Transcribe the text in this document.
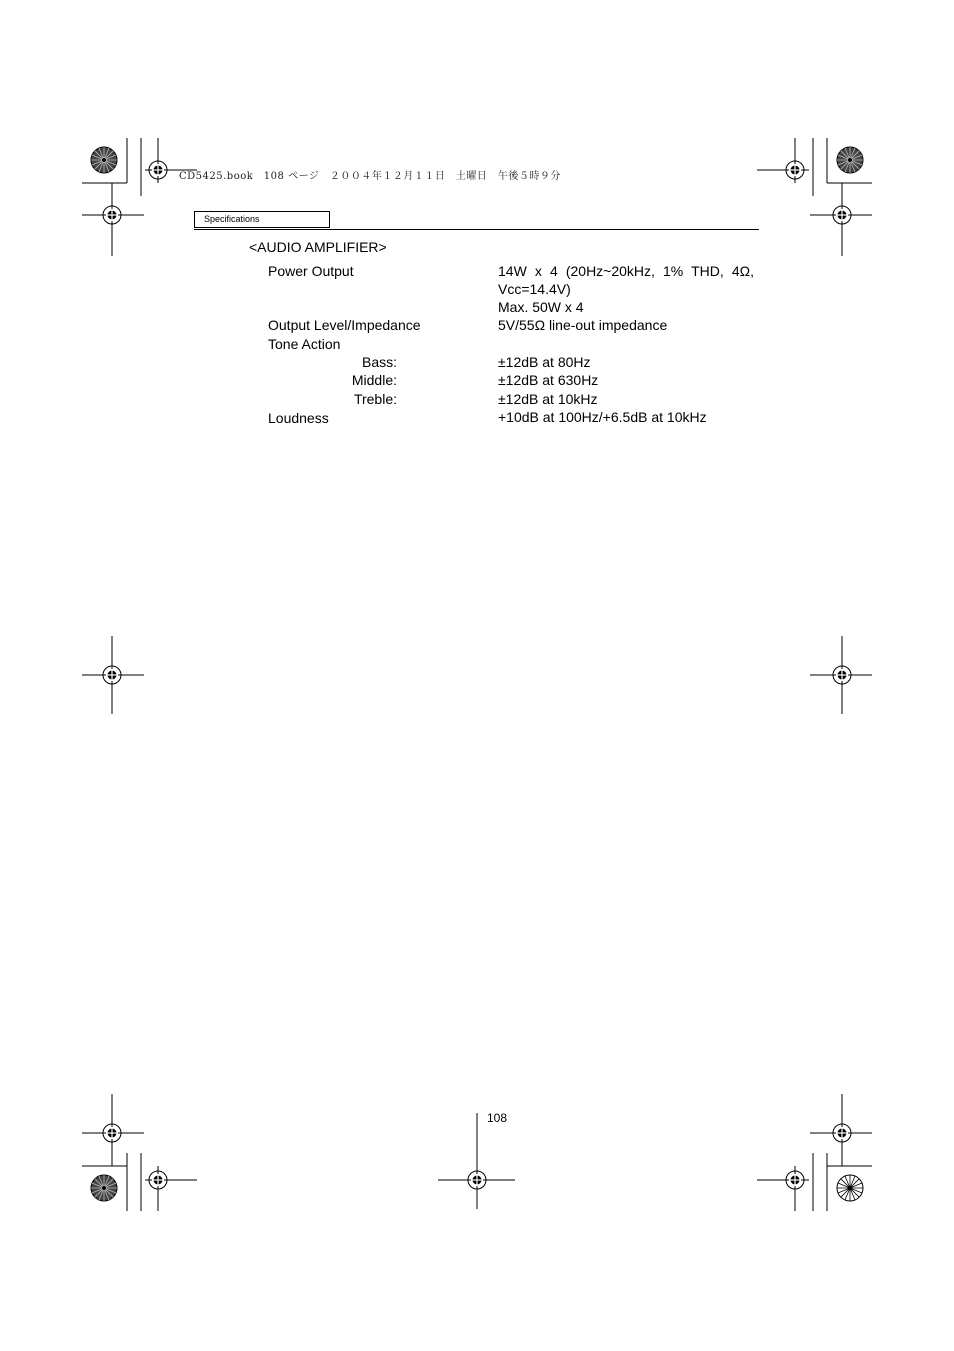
CD5425.book　108 ページ　２００４年１２月１１日　土曜日　午後５時９分
Specifications
<AUDIO AMPLIFIER>
Power Output	14W x 4 (20Hz~20kHz, 1% THD, 4Ω,
Vcc=14.4V)
Max. 50W x 4
Output Level/Impedance	5V/55Ω line-out impedance
Tone Action
Bass:	±12dB at 80Hz
Middle:	±12dB at 630Hz
Treble:	±12dB at 10kHz
Loudness	+10dB at 100Hz/+6.5dB at 10kHz
108
